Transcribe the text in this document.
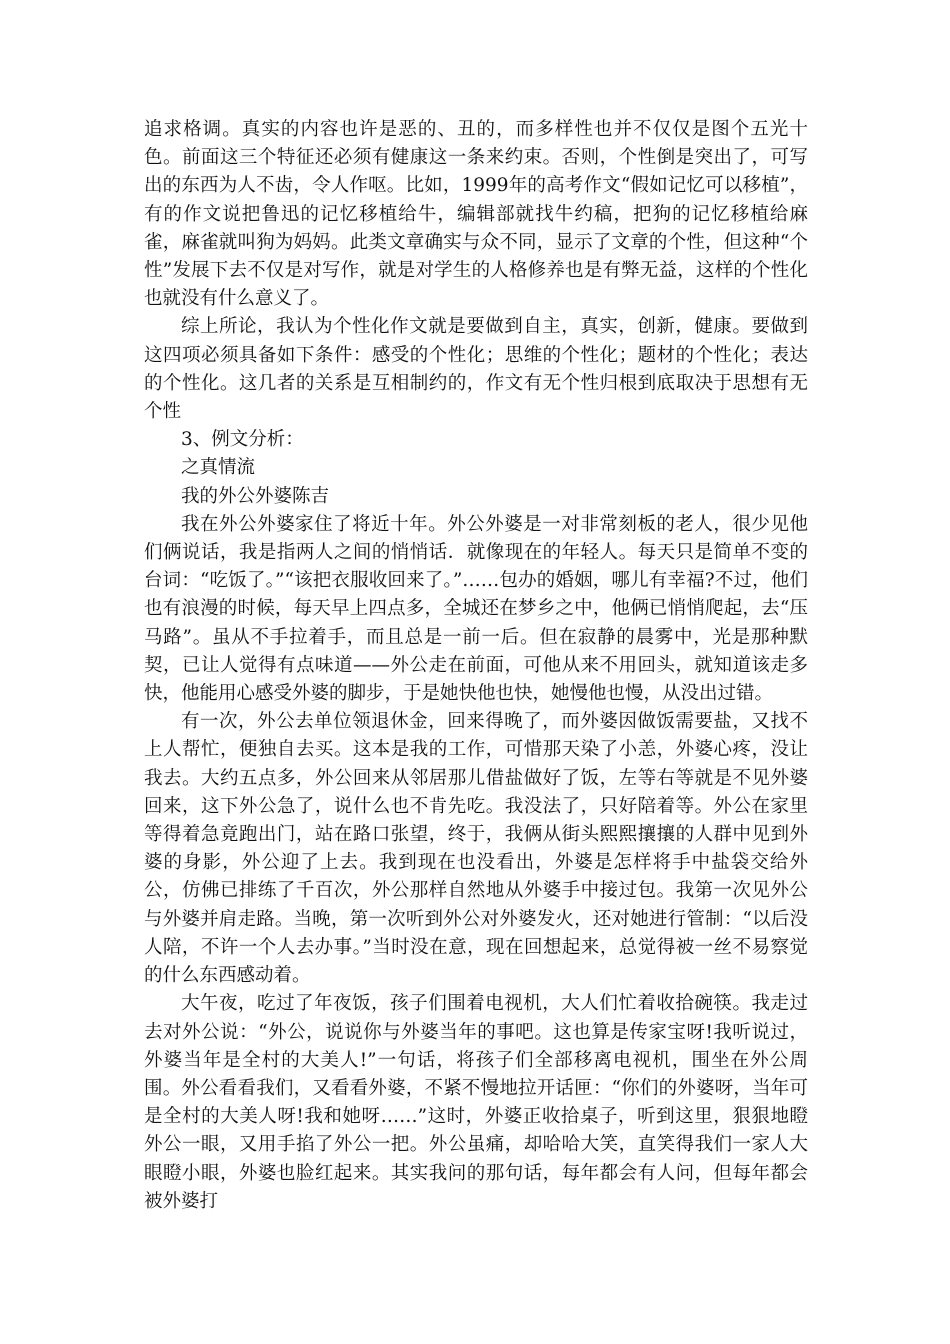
追求格调。真实的内容也许是恶的、丑的，而多样性也并不仅仅是图个五光十色。前面这三个特征还必须有健康这一条来约束。否则，个性倒是突出了，可写出的东西为人不齿，令人作呕。比如，1999年的高考作文“假如记忆可以移植”，有的作文说把鲁迅的记忆移植给牛，编辑部就找牛约稿，把狗的记忆移植给麻雀，麻雀就叫狗为妈妈。此类文章确实与众不同，显示了文章的个性，但这种“个性”发展下去不仅是对写作，就是对学生的人格修养也是有弊无益，这样的个性化也就没有什么意义了。

综上所论，我认为个性化作文就是要做到自主，真实，创新，健康。要做到这四项必须具备如下条件：感受的个性化；思维的个性化；题材的个性化；表达的个性化。这几者的关系是互相制约的，作文有无个性归根到底取决于思想有无个性

3、例文分析：

之真情流

我的外公外婆陈吉

我在外公外婆家住了将近十年。外公外婆是一对非常刻板的老人，很少见他们俩说话，我是指两人之间的悄悄话．就像现在的年轻人。每天只是简单不变的台词：“吃饭了。”“该把衣服收回来了。”……包办的婚姻，哪儿有幸福?不过，他们也有浪漫的时候，每天早上四点多，全城还在梦乡之中，他俩已悄悄爬起，去“压马路”。虽从不手拉着手，而且总是一前一后。但在寂静的晨雾中，光是那种默契，已让人觉得有点味道——外公走在前面，可他从来不用回头，就知道该走多快，他能用心感受外婆的脚步，于是她快他也快，她慢他也慢，从没出过错。

有一次，外公去单位领退休金，回来得晚了，而外婆因做饭需要盐，又找不上人帮忙，便独自去买。这本是我的工作，可惜那天染了小恙，外婆心疼，没让我去。大约五点多，外公回来从邻居那儿借盐做好了饭，左等右等就是不见外婆回来，这下外公急了，说什么也不肯先吃。我没法了，只好陪着等。外公在家里等得着急竟跑出门，站在路口张望，终于，我俩从街头熙熙攘攘的人群中见到外婆的身影，外公迎了上去。我到现在也没看出，外婆是怎样将手中盐袋交给外公，仿佛已排练了千百次，外公那样自然地从外婆手中接过包。我第一次见外公与外婆并肩走路。当晚，第一次听到外公对外婆发火，还对她进行管制：“以后没人陪，不许一个人去办事。”当时没在意，现在回想起来，总觉得被一丝不易察觉的什么东西感动着。

大午夜，吃过了年夜饭，孩子们围着电视机，大人们忙着收拾碗筷。我走过去对外公说：“外公，说说你与外婆当年的事吧。这也算是传家宝呀!我听说过，外婆当年是全村的大美人!”一句话，将孩子们全部移离电视机，围坐在外公周围。外公看看我们，又看看外婆，不紧不慢地拉开话匣：“你们的外婆呀，当年可是全村的大美人呀!我和她呀……”这时，外婆正收拾桌子，听到这里，狠狠地瞪外公一眼，又用手掐了外公一把。外公虽痛，却哈哈大笑，直笑得我们一家人大眼瞪小眼，外婆也脸红起来。其实我问的那句话，每年都会有人问，但每年都会被外婆打
